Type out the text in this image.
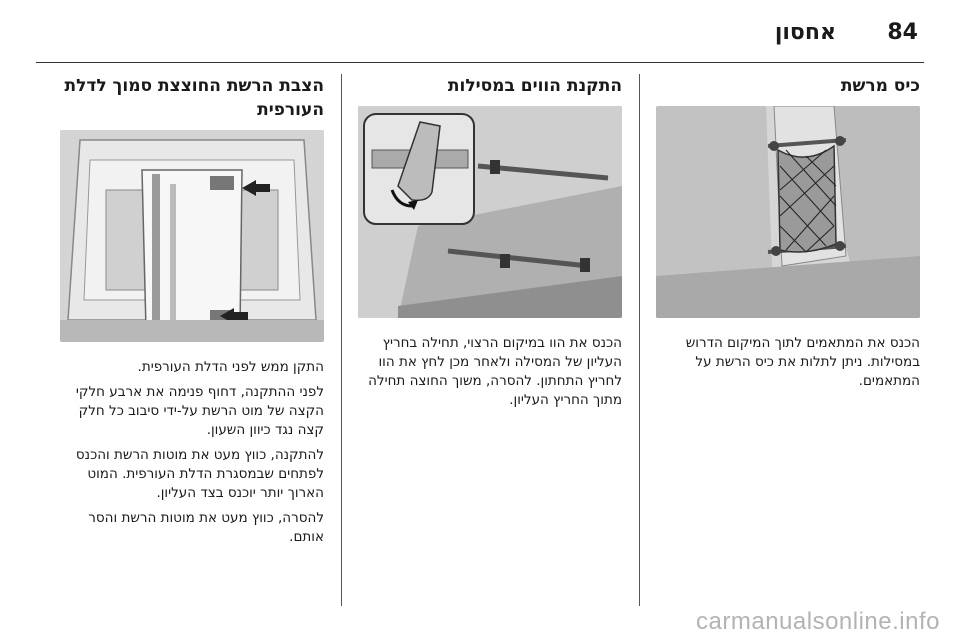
84
אחסון
כיס מרשת

הכנס את המתאמים לתוך המיקום הדרוש במסילות. ניתן לתלות את כיס הרשת על המתאמים.

התקנת הווים במסילות

הכנס את הוו במיקום הרצוי, תחילה בחריץ העליון של המסילה ולאחר מכן לחץ את הוו לחריץ התחתון. להסרה, משוך החוצה תחילה מתוך החריץ העליון.

הצבת הרשת החוצצת סמוך לדלת העורפית

התקן ממש לפני הדלת העורפית.

לפני ההתקנה, דחוף פנימה את ארבע חלקי הקצה של מוט הרשת על-ידי סיבוב כל חלק קצה נגד כיוון השעון.

להתקנה, כווץ מעט את מוטות הרשת והכנס לפתחים שבמסגרת הדלת העורפית. המוט הארוך יותר יוכנס בצד העליון.

להסרה, כווץ מעט את מוטות הרשת והסר אותם.

carmanualsonline.info
